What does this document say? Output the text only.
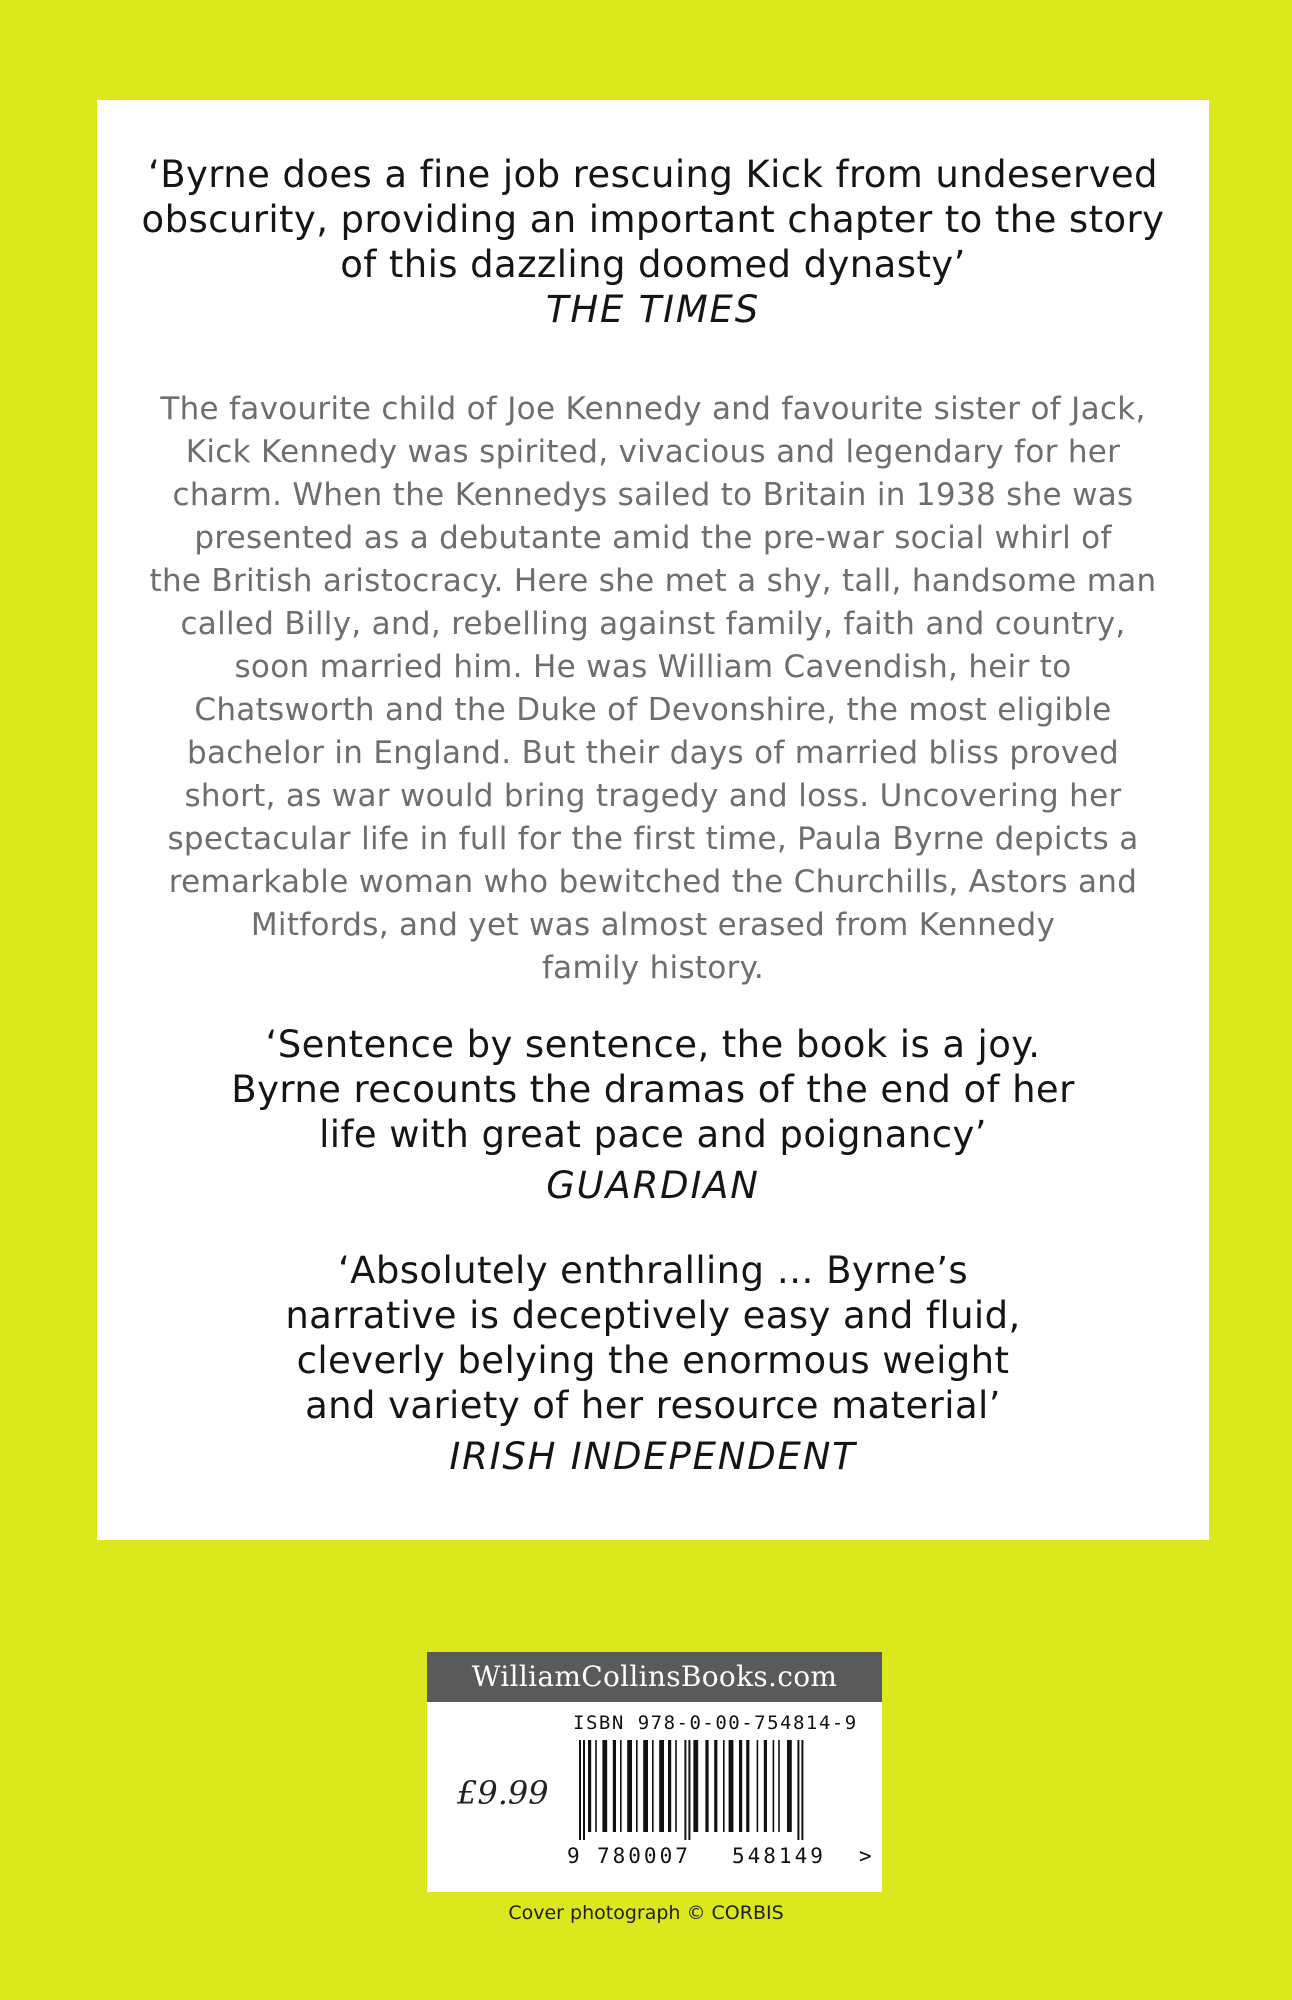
‘Byrne does a fine job rescuing Kick from undeserved
obscurity, providing an important chapter to the story
of this dazzling doomed dynasty’
THE TIMES
The favourite child of Joe Kennedy and favourite sister of Jack,
Kick Kennedy was spirited, vivacious and legendary for her
charm. When the Kennedys sailed to Britain in 1938 she was
presented as a debutante amid the pre-war social whirl of
the British aristocracy. Here she met a shy, tall, handsome man
called Billy, and, rebelling against family, faith and country,
soon married him. He was William Cavendish, heir to
Chatsworth and the Duke of Devonshire, the most eligible
bachelor in England. But their days of married bliss proved
short, as war would bring tragedy and loss. Uncovering her
spectacular life in full for the first time, Paula Byrne depicts a
remarkable woman who bewitched the Churchills, Astors and
Mitfords, and yet was almost erased from Kennedy
family history.
‘Sentence by sentence, the book is a joy.
Byrne recounts the dramas of the end of her
life with great pace and poignancy’
GUARDIAN
‘Absolutely enthralling … Byrne’s
narrative is deceptively easy and fluid,
cleverly belying the enormous weight
and variety of her resource material’
IRISH INDEPENDENT
WilliamCollinsBooks.com
ISBN 978-0-00-754814-9
£9.99
9 780007 548149 >
Cover photograph © CORBIS
